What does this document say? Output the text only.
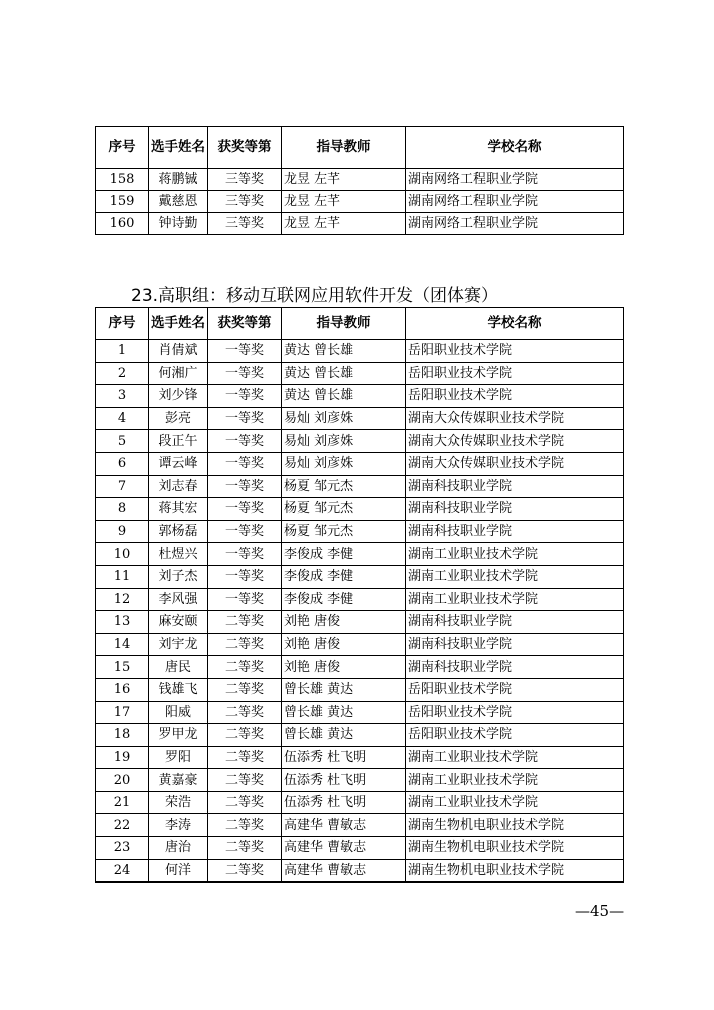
序号	选手姓名	获奖等第	指导教师	学校名称
158	蒋鹏铖	三等奖	龙昱 左芊	湖南网络工程职业学院
159	戴慈恩	三等奖	龙昱 左芊	湖南网络工程职业学院
160	钟诗勤	三等奖	龙昱 左芊	湖南网络工程职业学院
23.高职组：移动互联网应用软件开发（团体赛）
序号	选手姓名	获奖等第	指导教师	学校名称
1	肖倩斌	一等奖	黄达 曾长雄	岳阳职业技术学院
2	何湘广	一等奖	黄达 曾长雄	岳阳职业技术学院
3	刘少锋	一等奖	黄达 曾长雄	岳阳职业技术学院
4	彭亮	一等奖	易灿 刘彦姝	湖南大众传媒职业技术学院
5	段正午	一等奖	易灿 刘彦姝	湖南大众传媒职业技术学院
6	谭云峰	一等奖	易灿 刘彦姝	湖南大众传媒职业技术学院
7	刘志春	一等奖	杨夏 邹元杰	湖南科技职业学院
8	蒋其宏	一等奖	杨夏 邹元杰	湖南科技职业学院
9	郭杨磊	一等奖	杨夏 邹元杰	湖南科技职业学院
10	杜煜兴	一等奖	李俊成 李健	湖南工业职业技术学院
11	刘子杰	一等奖	李俊成 李健	湖南工业职业技术学院
12	李风强	一等奖	李俊成 李健	湖南工业职业技术学院
13	麻安颐	二等奖	刘艳 唐俊	湖南科技职业学院
14	刘宇龙	二等奖	刘艳 唐俊	湖南科技职业学院
15	唐民	二等奖	刘艳 唐俊	湖南科技职业学院
16	钱雄飞	二等奖	曾长雄 黄达	岳阳职业技术学院
17	阳威	二等奖	曾长雄 黄达	岳阳职业技术学院
18	罗甲龙	二等奖	曾长雄 黄达	岳阳职业技术学院
19	罗阳	二等奖	伍添秀 杜飞明	湖南工业职业技术学院
20	黄嘉豪	二等奖	伍添秀 杜飞明	湖南工业职业技术学院
21	荣浩	二等奖	伍添秀 杜飞明	湖南工业职业技术学院
22	李涛	二等奖	高建华 曹敏志	湖南生物机电职业技术学院
23	唐治	二等奖	高建华 曹敏志	湖南生物机电职业技术学院
24	何洋	二等奖	高建华 曹敏志	湖南生物机电职业技术学院
—45—
